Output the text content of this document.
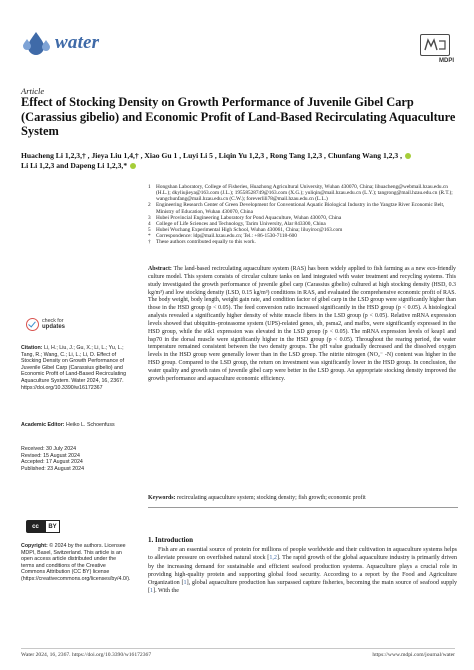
water
MDPI
Article
Effect of Stocking Density on Growth Performance of Juvenile Gibel Carp (Carassius gibelio) and Economic Profit of Land-Based Recirculating Aquaculture System
Huacheng Li 1,2,3,† , Jieya Liu 1,4,† , Xiao Gu 1 , Luyi Li 5 , Liqin Yu 1,2,3 , Rong Tang 1,2,3 , Chunfang Wang 1,2,3 ,
Li Li 1,2,3 and Dapeng Li 1,2,3,*
1	Hongshan Laboratory, College of Fisheries, Huazhong Agricultural University, Wuhan 430070, China; lihuacheng@webmail.hzau.edu.cn (H.L.); dkyliujieya@163.com (J.L.); 19558528749@163.com (X.G.); yuliqin@mail.hzau.edu.cn (L.Y.); tangrong@mail.hzau.edu.cn (R.T.); wangchunfang@mail.hzau.edu.cn (C.W.); foreverlili78@mail.hzau.edu.cn (L.L.)
2	Engineering Research Center of Green Development for Conventional Aquatic Biological Industry in the Yangtze River Economic Belt, Ministry of Education, Wuhan 430070, China
3	Hubei Provincial Engineering Laboratory for Pond Aquaculture, Wuhan 430070, China
4	College of Life Sciences and Technology, Tarim University, Alar 843300, China
5	Hubei Wuchang Experimental High School, Wuhan 430061, China; liluyiroc@163.com
*	Correspondence: ldp@mail.hzau.edu.cn; Tel.: +86-1530-7118-600
†	These authors contributed equally to this work.
Abstract: The land-based recirculating aquaculture system (RAS) has been widely applied to fish farming as a new eco-friendly culture model. This system consists of circular culture tanks on land integrated with water treatment and recycling systems. This study investigated the growth performance of juvenile gibel carp (Carassius gibelio) cultured at high stocking density (HSD, 0.3 kg/m³) and low stocking density (LSD, 0.15 kg/m³) conditions in RAS, and evaluated the comprehensive economic profit of RAS. The body weight, body length, weight gain rate, and condition factor of gibel carp in the LSD group were significantly higher than those in the HSD group (p < 0.05). The feed conversion ratio increased significantly in the HSD group (p < 0.05). A histological analysis revealed a significantly higher density of white muscle fibers in the LSD group (p < 0.05). Relative mRNA expression levels showed that ubiquitin–proteasome system (UPS)-related genes, ub, psma2, and mafbx, were significantly expressed in the HSD group, while the s6k1 expression was elevated in the LSD group (p < 0.05). The mRNA expression levels of keap1 and hsp70 in the dorsal muscle were significantly higher in the HSD group (p < 0.05). Throughout the rearing period, the water temperature remained consistent between the two density groups. The pH value gradually decreased and the dissolved oxygen levels in the HSD group were generally lower than in the LSD group. The nitrite nitrogen (NO₂⁻ -N) content was higher in the HSD group. Compared to the LSD group, the return on investment was significantly lower in the HSD group. In conclusion, the water quality and growth rates of juvenile gibel carp were better in the LSD group. An appropriate stocking density improved the growth performance and aquaculture economic efficiency.
Keywords: recirculating aquaculture system; stocking density; fish growth; economic profit
1. Introduction
Fish are an essential source of protein for millions of people worldwide and their cultivation in aquaculture systems helps to alleviate pressure on overfished natural stock [1,2]. The rapid growth of the global aquaculture industry is primarily driven by the increasing demand for sustainable and efficient seafood production systems. Aquaculture plays a crucial role in providing high-quality protein and supporting global food security. According to a report by the Food and Agriculture Organization [1], global aquaculture production has surpassed capture fisheries, becoming the main source of seafood supply [1]. With the
check for
updates
Citation: Li, H.; Liu, J.; Gu, X.; Li, L.; Yu, L.; Tang, R.; Wang, C.; Li, L.; Li, D. Effect of Stocking Density on Growth Performance of Juvenile Gibel Carp (Carassius gibelio) and Economic Profit of Land-Based Recirculating Aquaculture System. Water 2024, 16, 2367. https://doi.org/10.3390/w16172367
Academic Editor: Heiko L. Schoenfuss
Received: 30 July 2024
Revised: 15 August 2024
Accepted: 17 August 2024
Published: 23 August 2024
cc	BY
Copyright: © 2024 by the authors. Licensee MDPI, Basel, Switzerland. This article is an open access article distributed under the terms and conditions of the Creative Commons Attribution (CC BY) license (https://creativecommons.org/licenses/by/4.0/).
Water 2024, 16, 2367. https://doi.org/10.3390/w16172367	https://www.mdpi.com/journal/water
